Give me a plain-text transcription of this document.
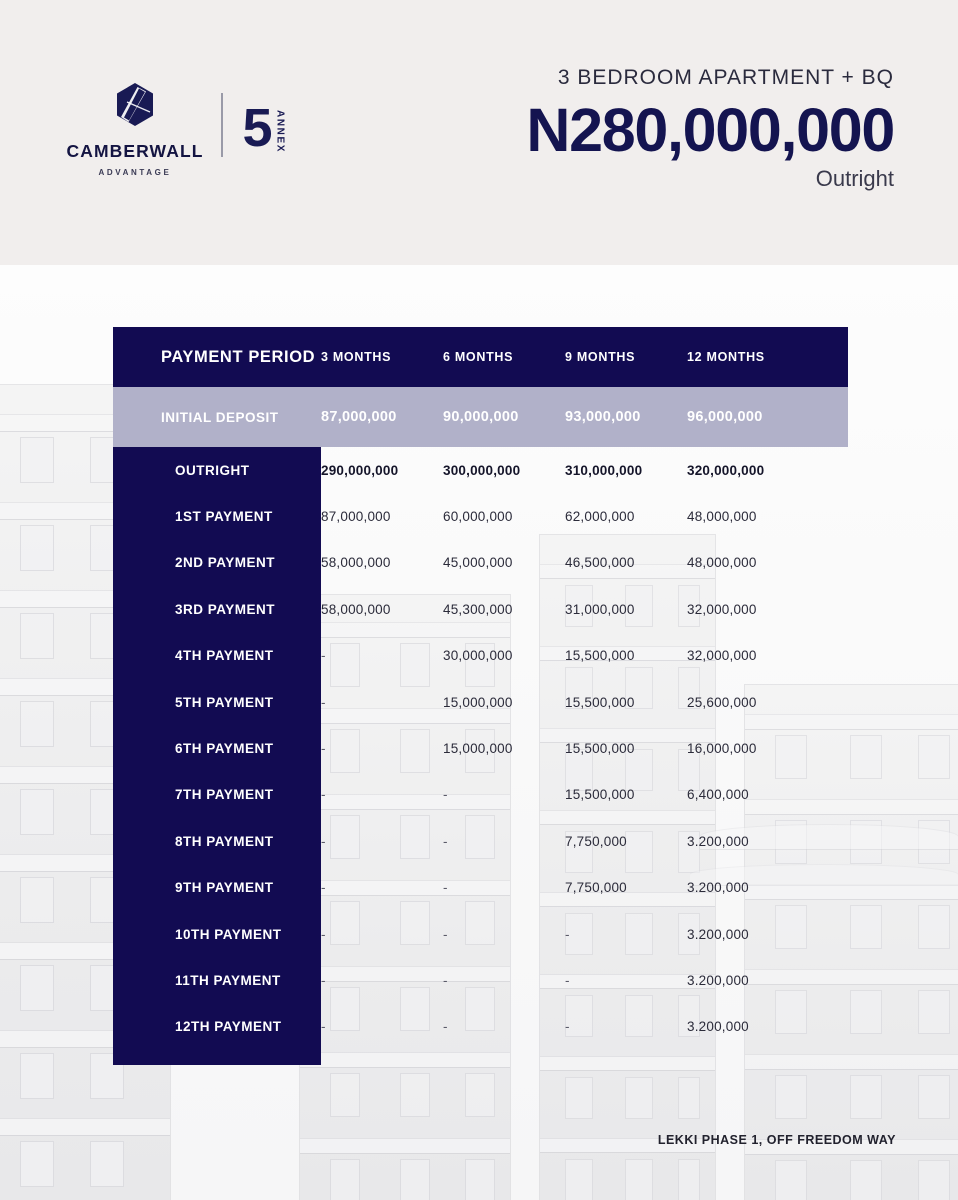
CAMBERWALL
ADVANTAGE
5 ANNEX
3 BEDROOM APARTMENT + BQ
N280,000,000
Outright
PAYMENT PERIOD 3 MONTHS	6 MONTHS	9 MONTHS	12 MONTHS
INITIAL DEPOSIT	87,000,000	90,000,000	93,000,000	96,000,000
OUTRIGHT	290,000,000	300,000,000	310,000,000	320,000,000
1ST PAYMENT	87,000,000	60,000,000	62,000,000	48,000,000
2ND PAYMENT	58,000,000	45,000,000	46,500,000	48,000,000
3RD PAYMENT	58,000,000	45,300,000	31,000,000	32,000,000
4TH PAYMENT	-	30,000,000	15,500,000	32,000,000
5TH PAYMENT	-	15,000,000	15,500,000	25,600,000
6TH PAYMENT	-	15,000,000	15,500,000	16,000,000
7TH PAYMENT	-	-	15,500,000	6,400,000
8TH PAYMENT	-	-	7,750,000	3.200,000
9TH PAYMENT	-	-	7,750,000	3.200,000
10TH PAYMENT	-	-	-	3.200,000
11TH PAYMENT	-	-	-	3.200,000
12TH PAYMENT	-	-	-	3.200,000
LEKKI PHASE 1, OFF FREEDOM WAY
